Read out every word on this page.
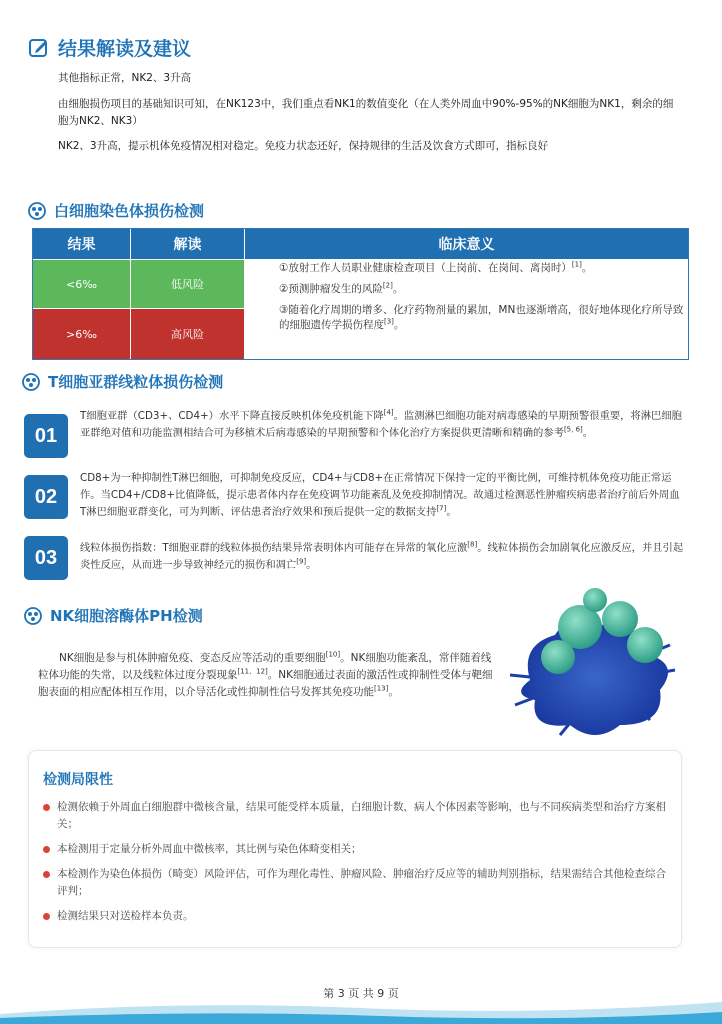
结果解读及建议
其他指标正常，NK2、3升高
由细胞损伤项目的基础知识可知，在NK123中，我们重点看NK1的数值变化（在人类外周血中90%-95%的NK细胞为NK1，剩余的细胞为NK2、NK3）
NK2、3升高，提示机体免疫情况相对稳定。免疫力状态还好，保持规律的生活及饮食方式即可，指标良好
白细胞染色体损伤检测
结果	解读	临床意义
<6‰	低风险
>6‰	高风险
①放射工作人员职业健康检查项目（上岗前、在岗间、离岗时）[1]。
②预测肿瘤发生的风险[2]。
③随着化疗周期的增多、化疗药物剂量的累加，MN也逐渐增高，很好地体现化疗所导致的细胞遗传学损伤程度[3]。
T细胞亚群线粒体损伤检测
01
T细胞亚群（CD3+、CD4+）水平下降直接反映机体免疫机能下降[4]。监测淋巴细胞功能对病毒感染的早期预警很重要，将淋巴细胞亚群绝对值和功能监测相结合可为移植术后病毒感染的早期预警和个体化治疗方案提供更清晰和精确的参考[5, 6]。
02
CD8+为一种抑制性T淋巴细胞，可抑制免疫反应，CD4+与CD8+在正常情况下保持一定的平衡比例，可维持机体免疫功能正常运作。当CD4+/CD8+比值降低，提示患者体内存在免疫调节功能紊乱及免疫抑制情况。故通过检测恶性肿瘤疾病患者治疗前后外周血T淋巴细胞亚群变化，可为判断、评估患者治疗效果和预后提供一定的数据支持[7]。
03	线粒体损伤指数：T细胞亚群的线粒体损伤结果异常表明体内可能存在异常的氧化应激[8]。线粒体损伤会加剧氧化应激反应，并且引起炎性反应，从而进一步导致神经元的损伤和凋亡[9]。
NK细胞溶酶体PH检测
NK细胞是参与机体肿瘤免疫、变态反应等活动的重要细胞[10]。NK细胞功能紊乱，常伴随着线粒体功能的失常，以及线粒体过度分裂现象[11、12]。NK细胞通过表面的激活性或抑制性受体与靶细胞表面的相应配体相互作用，以介导活化或性抑制性信号发挥其免疫功能[13]。
检测局限性
检测依赖于外周血白细胞群中微核含量，结果可能受样本质量，白细胞计数，病人个体因素等影响，也与不同疾病类型和治疗方案相关；
本检测用于定量分析外周血中微核率，其比例与染色体畸变相关；
本检测作为染色体损伤（畸变）风险评估，可作为理化毒性、肿瘤风险、肿瘤治疗反应等的辅助判别指标，结果需结合其他检查综合评判；
检测结果只对送检样本负责。
第 3 页 共 9 页
